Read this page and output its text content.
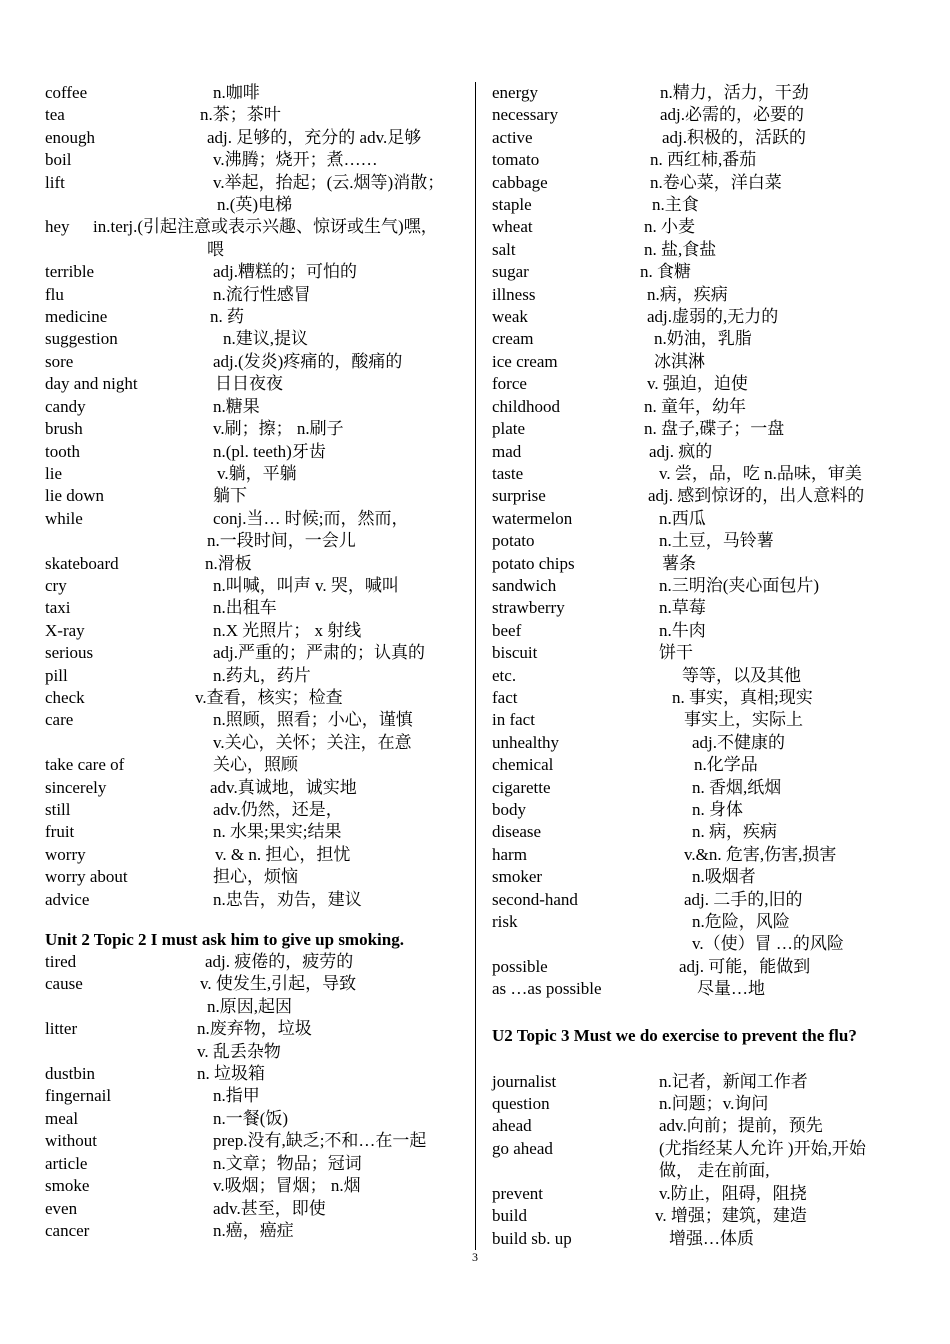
coffee	n.咖啡
tea	n.茶；茶叶
enough	adj. 足够的，充分的 adv.足够
boil	v.沸腾；烧开；煮……
lift	v.举起，抬起；(云.烟等)消散；
n.(英)电梯
hey	in.terj.(引起注意或表示兴趣、惊讶或生气)嘿，
喂
terrible	adj.糟糕的；可怕的
flu	n.流行性感冒
medicine	n. 药
suggestion	n.建议,提议
sore	adj.(发炎)疼痛的，酸痛的
day and night	日日夜夜
candy	n.糖果
brush	v.刷；擦； n.刷子
tooth	n.(pl. teeth)牙齿
lie	v.躺，平躺
lie down	躺下
while	conj.当… 时候;而，然而，
n.一段时间，一会儿
skateboard	n.滑板
cry	n.叫喊，叫声 v. 哭，喊叫
taxi	n.出租车
X-ray	n.X 光照片； x 射线
serious	adj.严重的；严肃的；认真的
pill	n.药丸，药片
check	v.查看，核实；检查
care	n.照顾，照看；小心，谨慎
v.关心，关怀；关注，在意
take care of	关心，照顾
sincerely	adv.真诚地，诚实地
still	adv.仍然，还是，
fruit	n. 水果;果实;结果
worry	v. & n. 担心，担忧
worry about	担心，烦恼
advice	n.忠告，劝告，建议
Unit 2 Topic 2 I must ask him to give up smoking.
tired	adj. 疲倦的，疲劳的
cause	v. 使发生,引起，导致
n.原因,起因
litter	n.废弃物，垃圾
v. 乱丢杂物
dustbin	n. 垃圾箱
fingernail	n.指甲
meal	n.一餐(饭)
without	prep.没有,缺乏;不和…在一起
article	n.文章；物品；冠词
smoke	v.吸烟；冒烟； n.烟
even	adv.甚至，即使
cancer	n.癌，癌症
energy	n.精力，活力，干劲
necessary	adj.必需的，必要的
active	adj.积极的，活跃的
tomato	n. 西红柿,番茄
cabbage	n.卷心菜，洋白菜
staple	n.主食
wheat	n. 小麦
salt	n. 盐,食盐
sugar	n. 食糖
illness	n.病，疾病
weak	adj.虚弱的,无力的
cream	n.奶油，乳脂
ice cream	冰淇淋
force	v. 强迫，迫使
childhood	n. 童年，幼年
plate	n. 盘子,碟子；一盘
mad	adj. 疯的
taste	v. 尝，品，吃 n.品味，审美
surprise	adj. 感到惊讶的，出人意料的
watermelon	n.西瓜
potato	n.土豆，马铃薯
potato chips	薯条
sandwich	n.三明治(夹心面包片)
strawberry	n.草莓
beef	n.牛肉
biscuit	饼干
etc.	等等，以及其他
fact	n. 事实，真相;现实
in fact	事实上，实际上
unhealthy	adj.不健康的
chemical	n.化学品
cigarette	n. 香烟,纸烟
body	n. 身体
disease	n. 病，疾病
harm	v.&n. 危害,伤害,损害
smoker	n.吸烟者
second-hand	adj. 二手的,旧的
risk	n.危险，风险
v.（使）冒 …的风险
possible	adj. 可能，能做到
as …as possible	尽量…地
U2 Topic 3 Must we do exercise to prevent the flu?
journalist	n.记者，新闻工作者
question	n.问题；v.询问
ahead	adv.向前；提前，预先
go ahead	(尤指经某人允许 )开始,开始
做， 走在前面,
prevent	v.防止，阻碍，阻挠
build	v. 增强；建筑，建造
build sb. up	增强…体质
3
